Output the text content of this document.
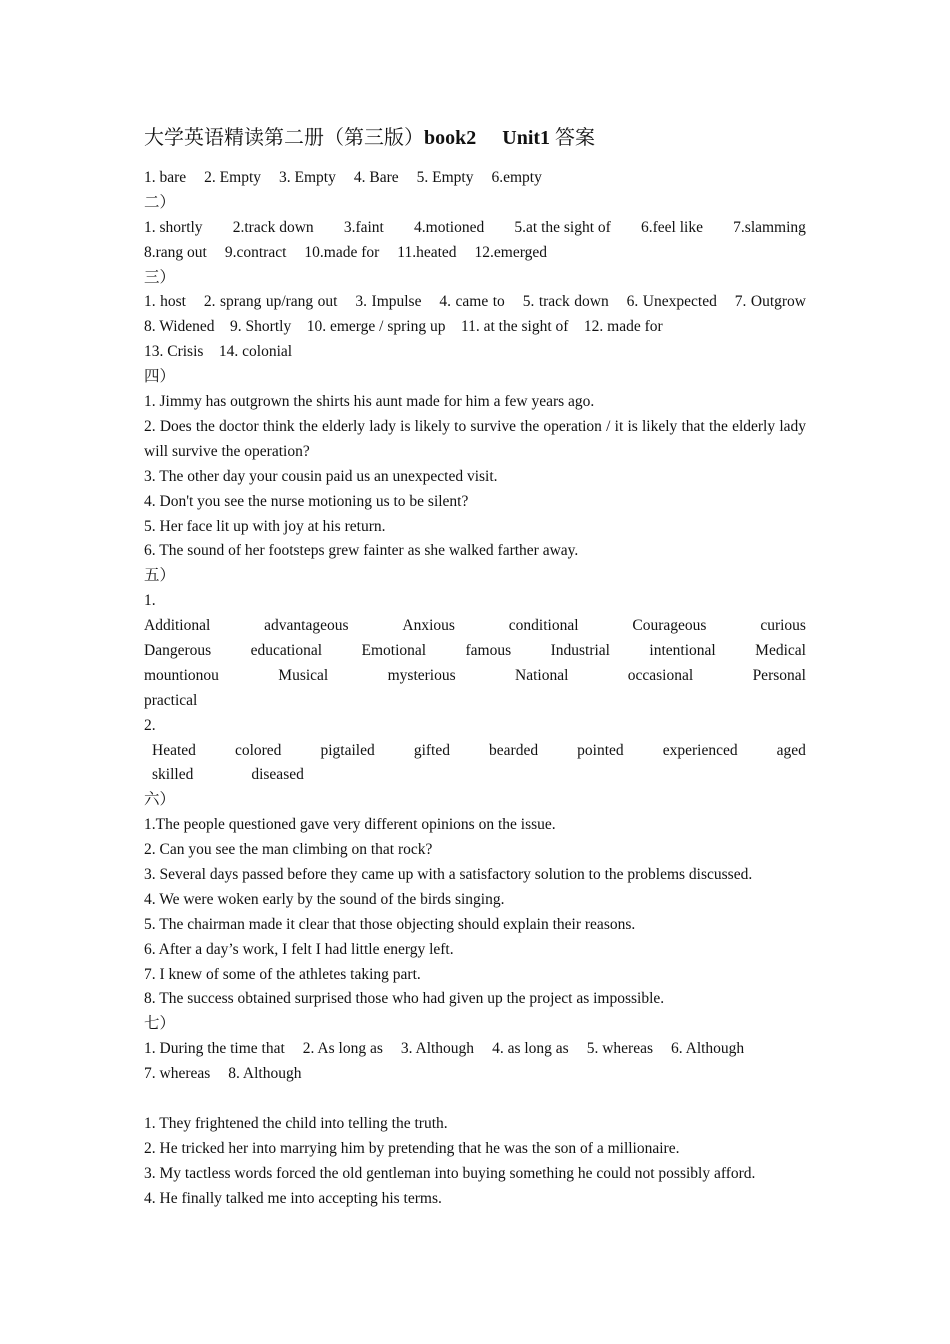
大学英语精读第二册（第三版）book2 Unit1 答案
1. bare 2. Empty 3. Empty 4. Bare 5. Empty 6.empty
二）
1. shortly 2.track down 3.faint 4.motioned 5.at the sight of 6.feel like 7.slamming
8.rang out 9.contract 10.made for 11.heated 12.emerged
三）
1. host    2. sprang up/rang out    3. Impulse    4. came to    5. track down    6. Unexpected    7. Outgrow    8. Widened    9. Shortly    10. emerge / spring up    11. at the sight of    12. made for
13. Crisis    14. colonial
四）
1. Jimmy has outgrown the shirts his aunt made for him a few years ago.
2. Does the doctor think the elderly lady is likely to survive the operation / it is likely that the elderly lady will survive the operation?
3. The other day your cousin paid us an unexpected visit.
4. Don't you see the nurse motioning us to be silent?
5. Her face lit up with joy at his return.
6. The sound of her footsteps grew fainter as she walked farther away.
五）
1.
Additional	advantageous	Anxious	conditional	Courageous	curious
Dangerous	educational	Emotional	famous	Industrial	intentional	Medical
mountionou	Musical	mysterious	National	occasional	Personal
practical
2.
Heated	colored	pigtailed	gifted	bearded	pointed	experienced	aged
skilled	diseased
六）
1.The people questioned gave very different opinions on the issue.
2. Can you see the man climbing on that rock?
3. Several days passed before they came up with a satisfactory solution to the problems discussed.
4. We were woken early by the sound of the birds singing.
5. The chairman made it clear that those objecting should explain their reasons.
6. After a day’s work, I felt I had little energy left.
7. I knew of some of the athletes taking part.
8. The success obtained surprised those who had given up the project as impossible.
七）
1. During the time that 2. As long as 3. Although 4. as long as 5. whereas 6. Although
7. whereas 8. Although
1. They frightened the child into telling the truth.
2. He tricked her into marrying him by pretending that he was the son of a millionaire.
3. My tactless words forced the old gentleman into buying something he could not possibly afford.
4. He finally talked me into accepting his terms.
